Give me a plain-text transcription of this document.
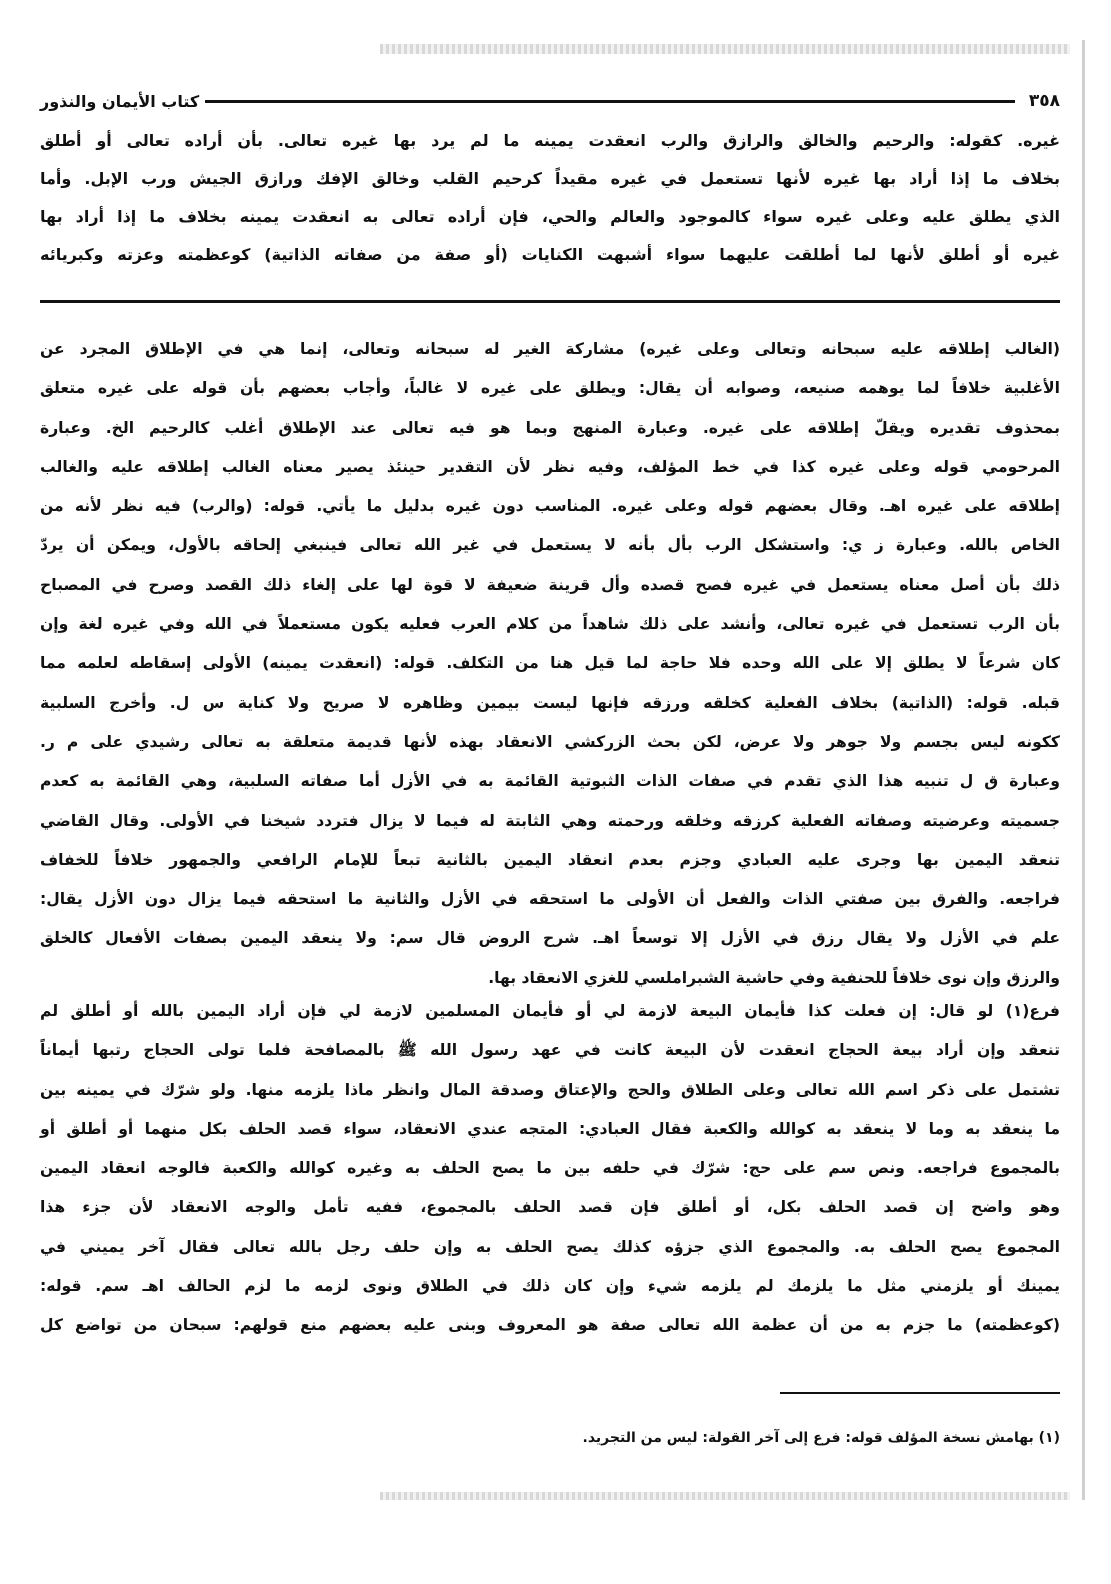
٣٥٨
كتاب الأيمان والنذور
غيره. كقوله: والرحيم والخالق والرازق والرب انعقدت يمينه ما لم يرد بها غيره تعالى. بأن أراده تعالى أو أطلق
بخلاف ما إذا أراد بها غيره لأنها تستعمل في غيره مقيداً كرحيم القلب وخالق الإفك ورازق الجيش ورب الإبل. وأما
الذي يطلق عليه وعلى غيره سواء كالموجود والعالم والحي، فإن أراده تعالى به انعقدت يمينه بخلاف ما إذا أراد بها
غيره أو أطلق لأنها لما أطلقت عليهما سواء أشبهت الكنايات (أو صفة من صفاته الذاتية) كوعظمته وعزته وكبريائه
(الغالب إطلاقه عليه سبحانه وتعالى وعلى غيره) مشاركة الغير له سبحانه وتعالى، إنما هي في الإطلاق المجرد عن
الأغلبية خلافاً لما يوهمه صنيعه، وصوابه أن يقال: ويطلق على غيره لا غالباً، وأجاب بعضهم بأن قوله على غيره متعلق
بمحذوف تقديره ويقلّ إطلاقه على غيره. وعبارة المنهج وبما هو فيه تعالى عند الإطلاق أغلب كالرحيم الخ. وعبارة
المرحومي قوله وعلى غيره كذا في خط المؤلف، وفيه نظر لأن التقدير حينئذ يصير معناه الغالب إطلاقه عليه والغالب
إطلاقه على غيره اهـ. وقال بعضهم قوله وعلى غيره. المناسب دون غيره بدليل ما يأتي. قوله: (والرب) فيه نظر لأنه من
الخاص بالله. وعبارة ز ي: واستشكل الرب بأل بأنه لا يستعمل في غير الله تعالى فينبغي إلحاقه بالأول، ويمكن أن يردّ
ذلك بأن أصل معناه يستعمل في غيره فصح قصده وأل قرينة ضعيفة لا قوة لها على إلغاء ذلك القصد وصرح في المصباح
بأن الرب تستعمل في غيره تعالى، وأنشد على ذلك شاهداً من كلام العرب فعليه يكون مستعملاً في الله وفي غيره لغة وإن
كان شرعاً لا يطلق إلا على الله وحده فلا حاجة لما قيل هنا من التكلف. قوله: (انعقدت يمينه) الأولى إسقاطه لعلمه مما
قبله. قوله: (الذاتية) بخلاف الفعلية كخلقه ورزقه فإنها ليست بيمين وظاهره لا صريح ولا كناية س ل. وأخرج السلبية
ككونه ليس بجسم ولا جوهر ولا عرض، لكن بحث الزركشي الانعقاد بهذه لأنها قديمة متعلقة به تعالى رشيدي على م ر.
وعبارة ق ل تنبيه هذا الذي تقدم في صفات الذات الثبوتية القائمة به في الأزل أما صفاته السلبية، وهي القائمة به كعدم
جسميته وعرضيته وصفاته الفعلية كرزقه وخلقه ورحمته وهي الثابتة له فيما لا يزال فتردد شيخنا في الأولى. وقال القاضي
تنعقد اليمين بها وجرى عليه العبادي وجزم بعدم انعقاد اليمين بالثانية تبعاً للإمام الرافعي والجمهور خلافاً للخفاف
فراجعه. والفرق بين صفتي الذات والفعل أن الأولى ما استحقه في الأزل والثانية ما استحقه فيما يزال دون الأزل يقال:
علم في الأزل ولا يقال رزق في الأزل إلا توسعاً اهـ. شرح الروض قال سم: ولا ينعقد اليمين بصفات الأفعال كالخلق
والرزق وإن نوى خلافاً للحنفية وفي حاشية الشبراملسي للغزي الانعقاد بها.
فرع(١) لو قال: إن فعلت كذا فأيمان البيعة لازمة لي أو فأيمان المسلمين لازمة لي فإن أراد اليمين بالله أو أطلق لم
تنعقد وإن أراد بيعة الحجاج انعقدت لأن البيعة كانت في عهد رسول الله ﷺ بالمصافحة فلما تولى الحجاج رتبها أيماناً
تشتمل على ذكر اسم الله تعالى وعلى الطلاق والحج والإعتاق وصدقة المال وانظر ماذا يلزمه منها. ولو شرّك في يمينه بين
ما ينعقد به وما لا ينعقد به كوالله والكعبة فقال العبادي: المتجه عندي الانعقاد، سواء قصد الحلف بكل منهما أو أطلق أو
بالمجموع فراجعه. ونص سم على حج: شرّك في حلفه بين ما يصح الحلف به وغيره كوالله والكعبة فالوجه انعقاد اليمين
وهو واضح إن قصد الحلف بكل، أو أطلق فإن قصد الحلف بالمجموع، ففيه تأمل والوجه الانعقاد لأن جزء هذا
المجموع يصح الحلف به. والمجموع الذي جزؤه كذلك يصح الحلف به وإن حلف رجل بالله تعالى فقال آخر يميني في
يمينك أو يلزمني مثل ما يلزمك لم يلزمه شيء وإن كان ذلك في الطلاق ونوى لزمه ما لزم الحالف اهـ سم. قوله:
(كوعظمته) ما جزم به من أن عظمة الله تعالى صفة هو المعروف وبنى عليه بعضهم منع قولهم: سبحان من تواضع كل
(١) بهامش نسخة المؤلف قوله: فرع إلى آخر القولة: ليس من التجريد.
